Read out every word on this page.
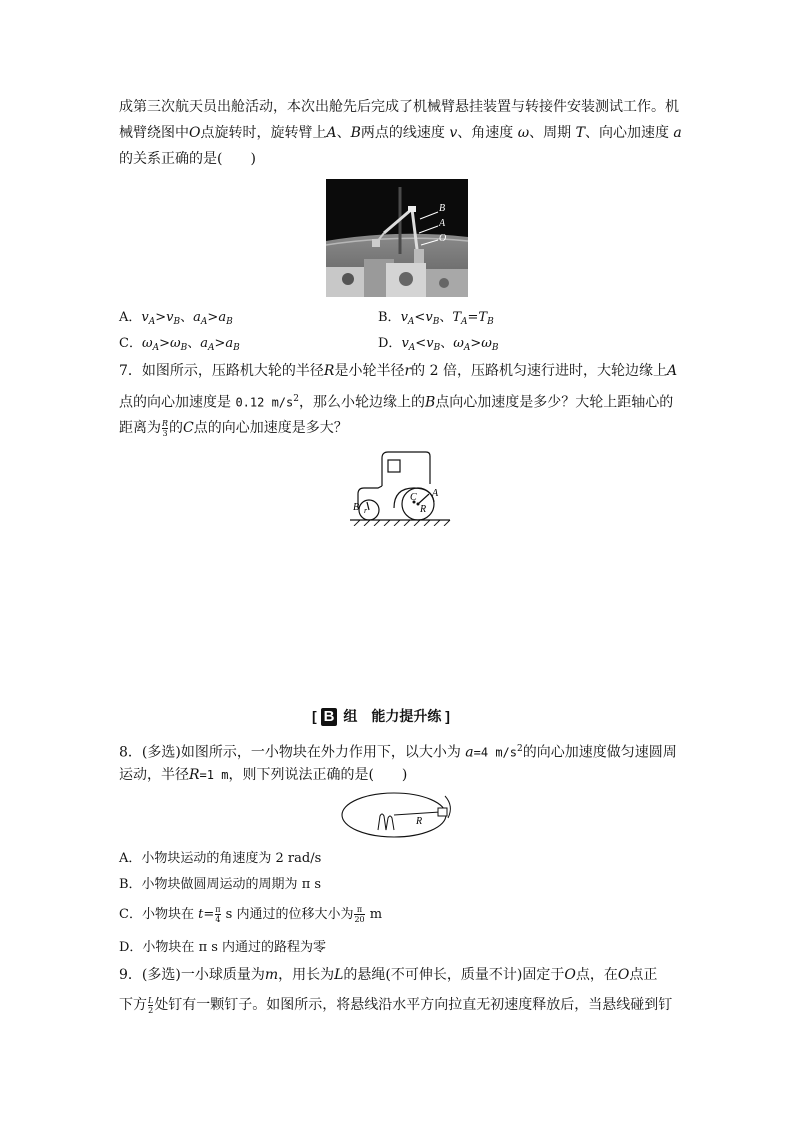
成第三次航天员出舱活动，本次出舱先后完成了机械臂悬挂装置与转接件安装测试工作。机
械臂绕图中O点旋转时，旋转臂上A、B两点的线速度 v、角速度 ω、周期 T、向心加速度 a
的关系正确的是(　　)
B
A
O
A．$v_A>v_B$、$a_A>a_B$	B．$v_A<v_B$、$T_A=T_B$
C．$\omega_A>\omega_B$、$a_A>a_B$	D．$v_A<v_B$、$\omega_A>\omega_B$
7．如图所示，压路机大轮的半径R是小轮半径r的 2 倍，压路机匀速行进时，大轮边缘上A
点的向心加速度是 0.12 $m/s^2$，那么小轮边缘上的B点向心加速度是多少？大轮上距轴心的
距离为 $\frac{R}{3}$ 的C点的向心加速度是多大？
B r
C A
R
[ B 组　能力提升练 ]
8．(多选)如图所示，一小物块在外力作用下，以大小为 a=4 $m/s^2$的向心加速度做匀速圆周
运动，半径R=1 m，则下列说法正确的是(　　)
R
A．小物块运动的角速度为 2 rad/s
B．小物块做圆周运动的周期为 π s
C．小物块在 $t= \frac{\pi}{4}$ s 内通过的位移大小为 $\frac{\pi}{20}$ m
D．小物块在 π s 内通过的路程为零
9．(多选)一小球质量为m，用长为L的悬绳(不可伸长，质量不计)固定于O点，在O点正
下方 $\frac{L}{2}$ 处钉有一颗钉子。如图所示，将悬线沿水平方向拉直无初速度释放后，当悬线碰到钉
